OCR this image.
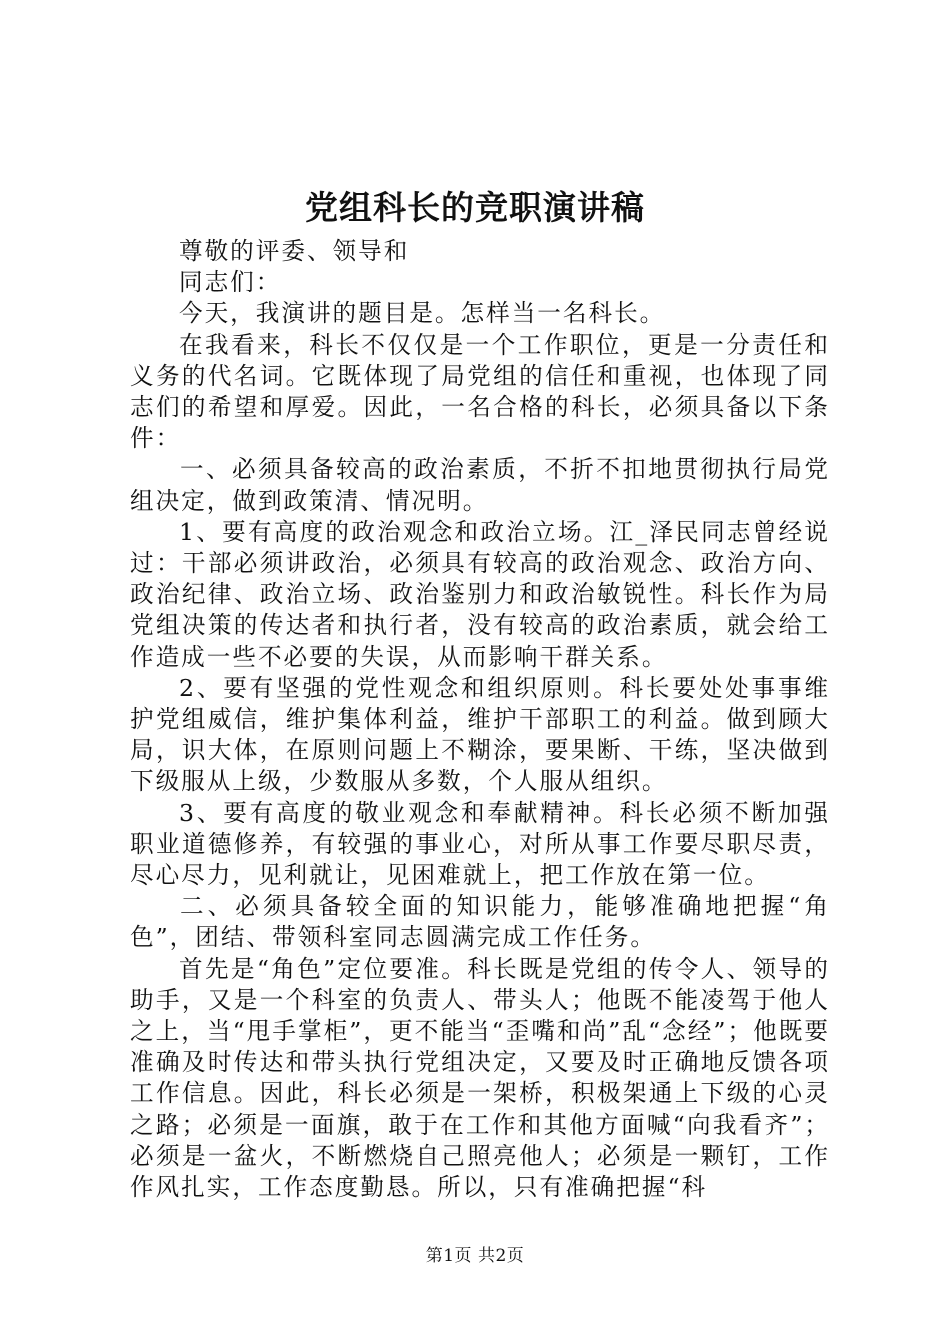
党组科长的竞职演讲稿

尊敬的评委、领导和

同志们：

今天，我演讲的题目是。怎样当一名科长。

在我看来，科长不仅仅是一个工作职位，更是一分责任和义务的代名词。它既体现了局党组的信任和重视，也体现了同志们的希望和厚爱。因此，一名合格的科长，必须具备以下条件：

一、必须具备较高的政治素质，不折不扣地贯彻执行局党组决定，做到政策清、情况明。

1、要有高度的政治观念和政治立场。江_泽民同志曾经说过：干部必须讲政治，必须具有较高的政治观念、政治方向、政治纪律、政治立场、政治鉴别力和政治敏锐性。科长作为局党组决策的传达者和执行者，没有较高的政治素质，就会给工作造成一些不必要的失误，从而影响干群关系。

2、要有坚强的党性观念和组织原则。科长要处处事事维护党组威信，维护集体利益，维护干部职工的利益。做到顾大局，识大体，在原则问题上不糊涂，要果断、干练，坚决做到下级服从上级，少数服从多数，个人服从组织。

3、要有高度的敬业观念和奉献精神。科长必须不断加强职业道德修养，有较强的事业心，对所从事工作要尽职尽责，尽心尽力，见利就让，见困难就上，把工作放在第一位。

二、必须具备较全面的知识能力，能够准确地把握“角色”，团结、带领科室同志圆满完成工作任务。

首先是“角色”定位要准。科长既是党组的传令人、领导的助手，又是一个科室的负责人、带头人；他既不能凌驾于他人之上，当“甩手掌柜”，更不能当“歪嘴和尚”乱“念经”；他既要准确及时传达和带头执行党组决定，又要及时正确地反馈各项工作信息。因此，科长必须是一架桥，积极架通上下级的心灵之路；必须是一面旗，敢于在工作和其他方面喊“向我看齐”；必须是一盆火，不断燃烧自己照亮他人；必须是一颗钉，工作作风扎实，工作态度勤恳。所以，只有准确把握“科

第1页 共2页
